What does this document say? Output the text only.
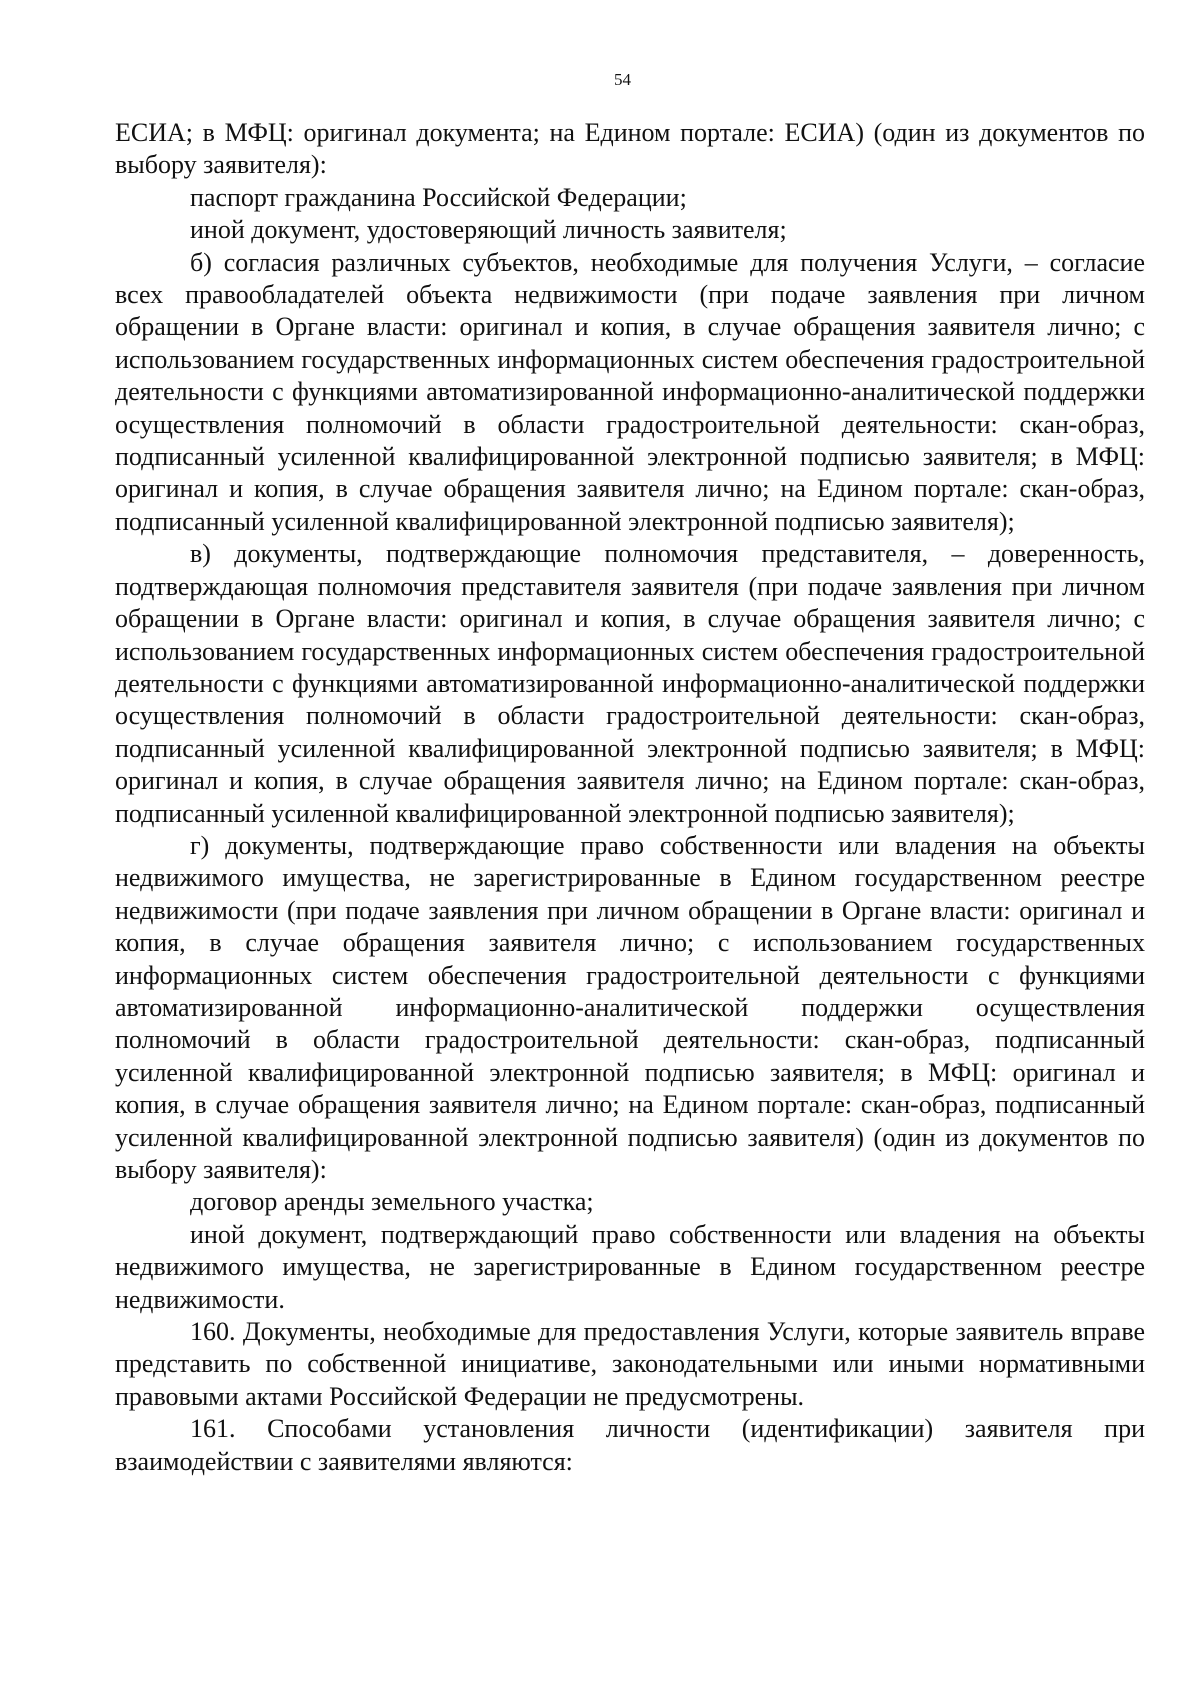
54

ЕСИА; в МФЦ: оригинал документа; на Едином портале: ЕСИА) (один из документов по выбору заявителя):

паспорт гражданина Российской Федерации;

иной документ, удостоверяющий личность заявителя;

б) согласия различных субъектов, необходимые для получения Услуги, – согласие всех правообладателей объекта недвижимости (при подаче заявления при личном обращении в Органе власти: оригинал и копия, в случае обращения заявителя лично; с использованием государственных информационных систем обеспечения градостроительной деятельности с функциями автоматизированной информационно-аналитической поддержки осуществления полномочий в области градостроительной деятельности: скан-образ, подписанный усиленной квалифицированной электронной подписью заявителя; в МФЦ: оригинал и копия, в случае обращения заявителя лично; на Едином портале: скан-образ, подписанный усиленной квалифицированной электронной подписью заявителя);

в) документы, подтверждающие полномочия представителя, – доверенность, подтверждающая полномочия представителя заявителя (при подаче заявления при личном обращении в Органе власти: оригинал и копия, в случае обращения заявителя лично; с использованием государственных информационных систем обеспечения градостроительной деятельности с функциями автоматизированной информационно-аналитической поддержки осуществления полномочий в области градостроительной деятельности: скан-образ, подписанный усиленной квалифицированной электронной подписью заявителя; в МФЦ: оригинал и копия, в случае обращения заявителя лично; на Едином портале: скан-образ, подписанный усиленной квалифицированной электронной подписью заявителя);

г) документы, подтверждающие право собственности или владения на объекты недвижимого имущества, не зарегистрированные в Едином государственном реестре недвижимости (при подаче заявления при личном обращении в Органе власти: оригинал и копия, в случае обращения заявителя лично; с использованием государственных информационных систем обеспечения градостроительной деятельности с функциями автоматизированной информационно-аналитической поддержки осуществления полномочий в области градостроительной деятельности: скан-образ, подписанный усиленной квалифицированной электронной подписью заявителя; в МФЦ: оригинал и копия, в случае обращения заявителя лично; на Едином портале: скан-образ, подписанный усиленной квалифицированной электронной подписью заявителя) (один из документов по выбору заявителя):

договор аренды земельного участка;

иной документ, подтверждающий право собственности или владения на объекты недвижимого имущества, не зарегистрированные в Едином государственном реестре недвижимости.

160. Документы, необходимые для предоставления Услуги, которые заявитель вправе представить по собственной инициативе, законодательными или иными нормативными правовыми актами Российской Федерации не предусмотрены.

161. Способами установления личности (идентификации) заявителя при взаимодействии с заявителями являются:
